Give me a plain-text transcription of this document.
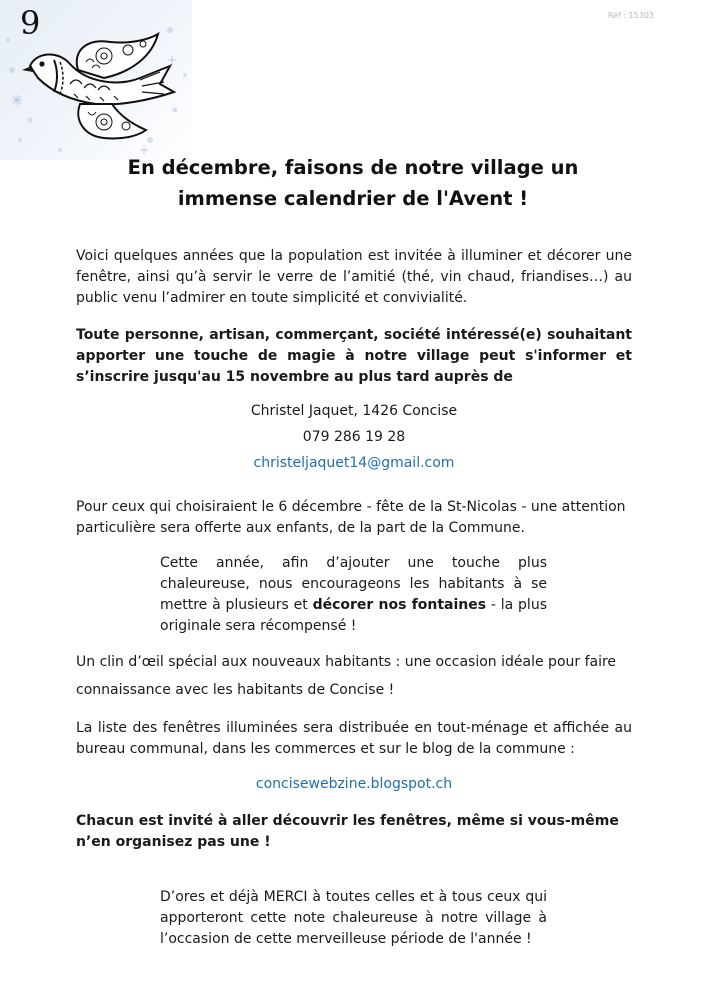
9	Réf : 15303
En décembre, faisons de notre village un
immense calendrier de l'Avent !
Voici quelques années que la population est invitée à illuminer et décorer une fenêtre, ainsi qu’à servir le verre de l’amitié (thé, vin chaud, friandises…) au public venu l’admirer en toute simplicité et convivialité.
Toute personne, artisan, commerçant, société intéressé(e) souhaitant apporter une touche de magie à notre village peut s'informer et s’inscrire jusqu'au 15 novembre au plus tard auprès de
Christel Jaquet, 1426 Concise
079 286 19 28
christeljaquet14@gmail.com
Pour ceux qui choisiraient le 6 décembre - fête de la St-Nicolas - une attention particulière sera offerte aux enfants, de la part de la Commune.
Cette année, afin d’ajouter une touche plus chaleureuse, nous encourageons les habitants à se mettre à plusieurs et décorer nos fontaines - la plus originale sera récompensé !
Un clin d’œil spécial aux nouveaux habitants : une occasion idéale pour faire connaissance avec les habitants de Concise !
La liste des fenêtres illuminées sera distribuée en tout-ménage et affichée au bureau communal, dans les commerces et sur le blog de la commune :
concisewebzine.blogspot.ch
Chacun est invité à aller découvrir les fenêtres, même si vous-même n’en organisez pas une !
D’ores et déjà MERCI à toutes celles et à tous ceux qui apporteront cette note chaleureuse à notre village à l’occasion de cette merveilleuse période de l'année !
